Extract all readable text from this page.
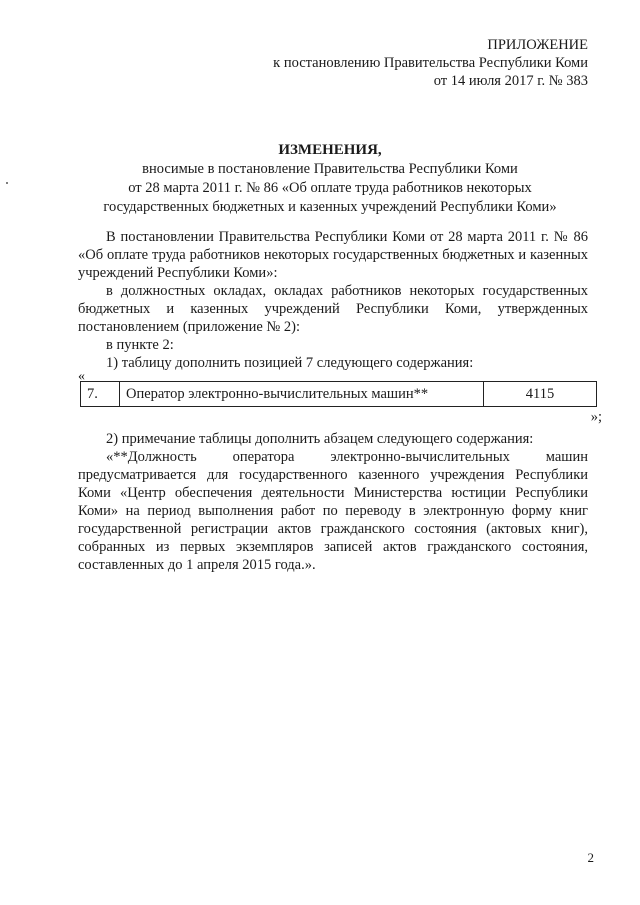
ПРИЛОЖЕНИЕ
к постановлению Правительства Республики Коми
от 14 июля 2017 г. № 383
ИЗМЕНЕНИЯ,
вносимые в постановление Правительства Республики Коми
от 28 марта 2011 г. № 86 «Об оплате труда работников некоторых
государственных бюджетных и казенных учреждений Республики Коми»

В постановлении Правительства Республики Коми от 28 марта 2011 г. № 86 «Об оплате труда работников некоторых государственных бюджетных и казенных учреждений Республики Коми»:

в должностных окладах, окладах работников некоторых государственных бюджетных и казенных учреждений Республики Коми, утвержденных постановлением (приложение № 2):

в пункте 2:

1) таблицу дополнить позицией 7 следующего содержания:

«
7.	Оператор электронно-вычислительных машин**	4115
»;

2) примечание таблицы дополнить абзацем следующего содержания:

«**Должность оператора электронно-вычислительных машин предусматривается для государственного казенного учреждения Республики Коми «Центр обеспечения деятельности Министерства юстиции Республики Коми» на период выполнения работ по переводу в электронную форму книг государственной регистрации актов гражданского состояния (актовых книг), собранных из первых экземпляров записей актов гражданского состояния, составленных до 1 апреля 2015 года.».

2
